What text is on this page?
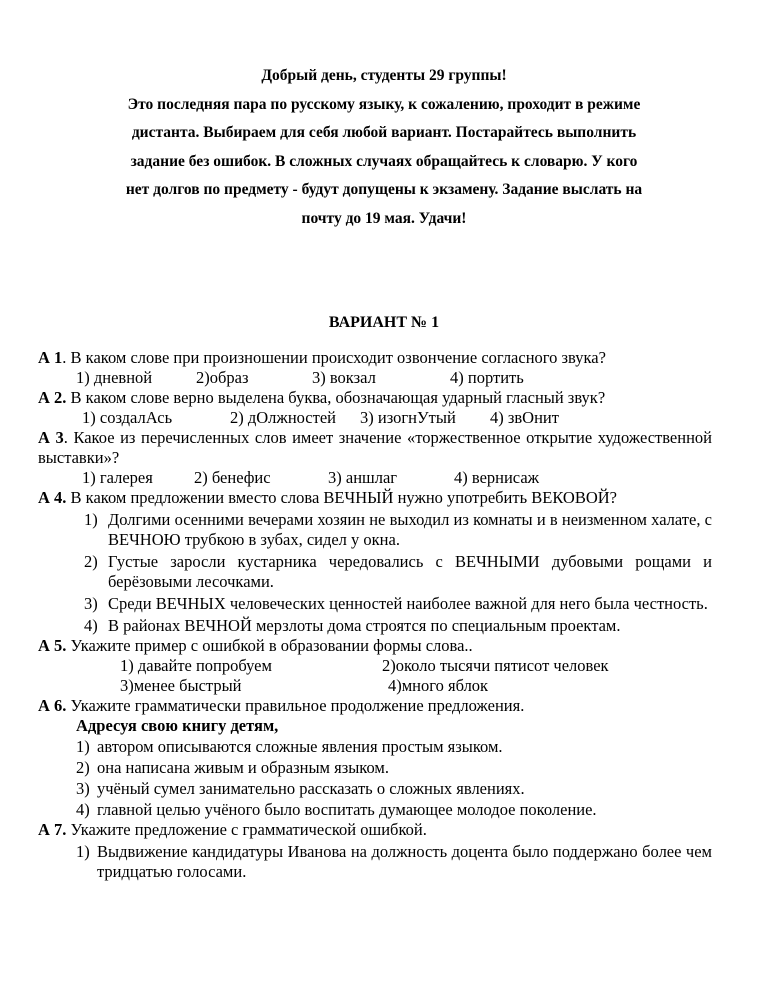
Добрый день, студенты 29 группы!
Это последняя пара по русскому языку, к сожалению, проходит в режиме
дистанта. Выбираем для себя любой вариант. Постарайтесь выполнить
задание без ошибок. В сложных случаях обращайтесь к словарю. У кого
нет долгов по предмету - будут допущены к экзамену. Задание выслать на
почту до 19 мая. Удачи!
ВАРИАНТ № 1
А 1. В каком слове при произношении происходит озвончение согласного звука?
1) дневной	2)образ	3) вокзал	4) портить
А 2. В каком слове верно выделена буква, обозначающая ударный гласный звук?
1) создалАсь	2) дОлжностей 3) изогнУтый 4) звОнит
А 3. Какое из перечисленных слов имеет значение «торжественное открытие художественной выставки»?
1) галерея 2) бенефис	3) аншлаг	4) вернисаж
А 4. В каком предложении вместо слова ВЕЧНЫЙ нужно употребить ВЕКОВОЙ?
1) Долгими осенними вечерами хозяин не выходил из комнаты и в неизменном халате, с ВЕЧНОЮ трубкою в зубах, сидел у окна.
2) Густые заросли кустарника чередовались с ВЕЧНЫМИ дубовыми рощами и берёзовыми лесочками.
3) Среди ВЕЧНЫХ человеческих ценностей наиболее важной для него была честность.
4) В районах ВЕЧНОЙ мерзлоты дома строятся по специальным проектам.
А 5. Укажите пример с ошибкой в образовании формы слова..
1) давайте попробуем	2)около тысячи пятисот человек
3)менее быстрый	4)много яблок
А 6. Укажите грамматически правильное продолжение предложения.
Адресуя свою книгу детям,
1) автором описываются сложные явления простым языком.
2) она написана живым и образным языком.
3) учёный сумел занимательно рассказать о сложных явлениях.
4) главной целью учёного было воспитать думающее молодое поколение.
А 7. Укажите предложение с грамматической ошибкой.
1) Выдвижение кандидатуры Иванова на должность доцента было поддержано более чем тридцатью голосами.
